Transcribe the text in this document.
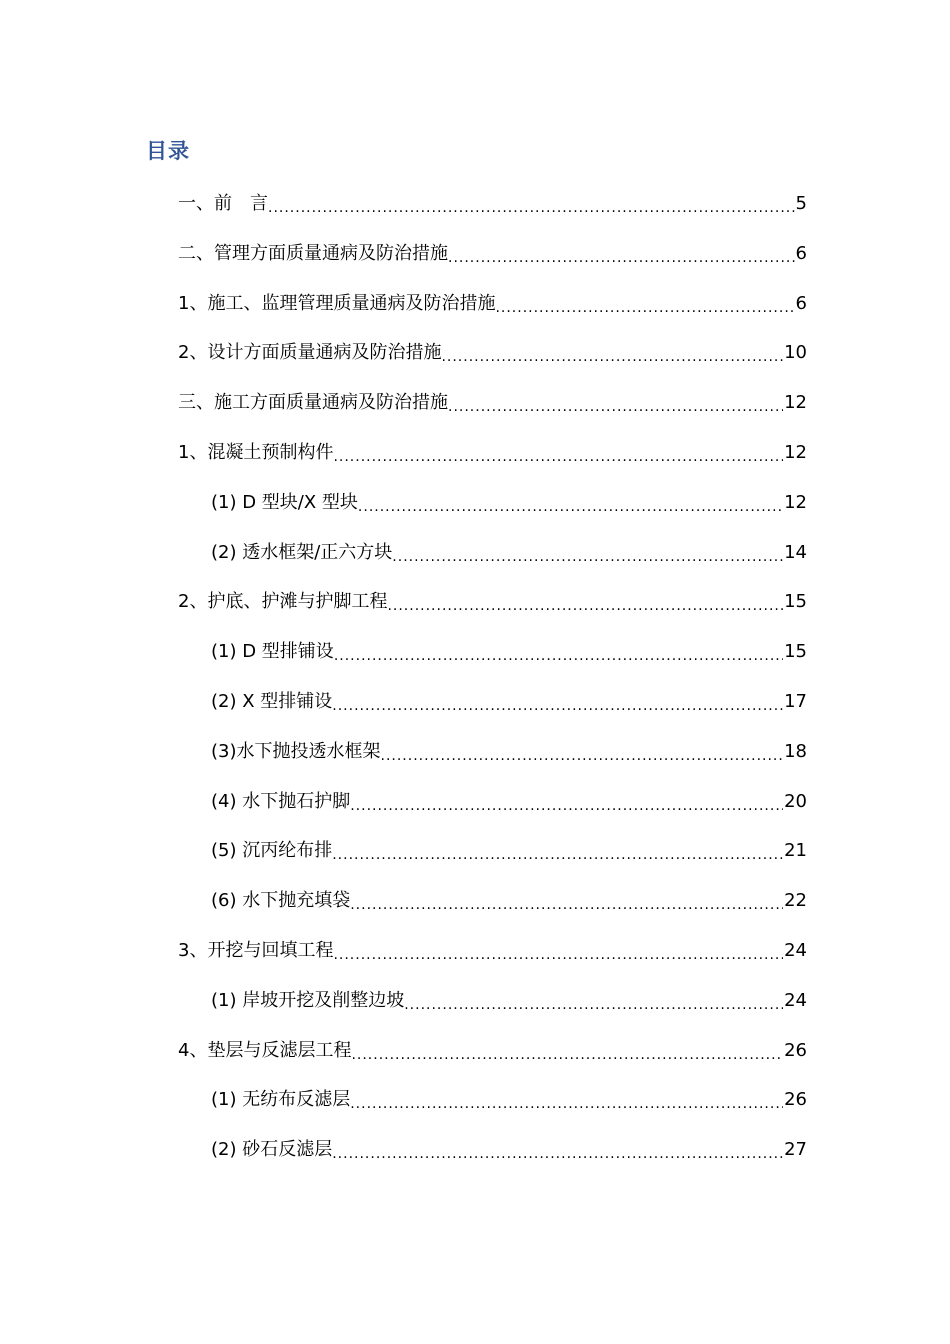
目录
一、前　言 .....	5
二、管理方面质量通病及防治措施 .....	6
1、施工、监理管理质量通病及防治措施 .....	6
2、设计方面质量通病及防治措施 .....	10
三、施工方面质量通病及防治措施 .....	12
1、混凝土预制构件 .....	12
(1) D 型块/X 型块 .....	12
(2) 透水框架/正六方块 .....	14
2、护底、护滩与护脚工程 .....	15
(1) D 型排铺设 .....	15
(2) X 型排铺设 .....	17
(3)水下抛投透水框架 .....	18
(4) 水下抛石护脚 .....	20
(5) 沉丙纶布排 .....	21
(6) 水下抛充填袋 .....	22
3、开挖与回填工程 .....	24
(1) 岸坡开挖及削整边坡 .....	24
4、垫层与反滤层工程 .....	26
(1) 无纺布反滤层 .....	26
(2) 砂石反滤层 .....	27
